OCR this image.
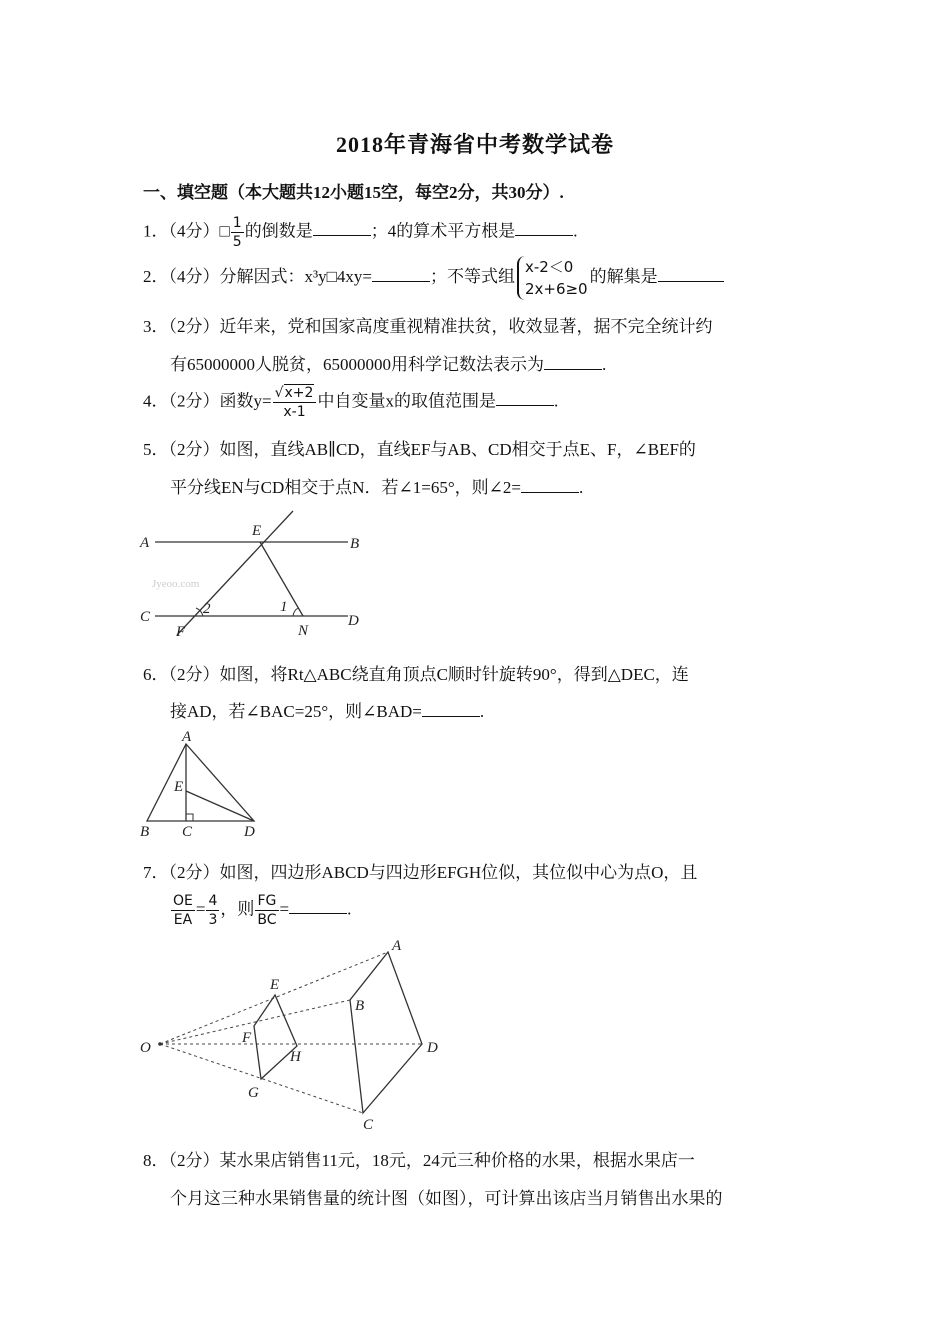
2018年青海省中考数学试卷
一、填空题（本大题共12小题15空，每空2分，共30分）.
1．（4分）□ $\frac{1}{5}$ 的倒数是	；4的算术平方根是	.
2．（4分）分解因式：x³y□4xy=	；不等式组 x-2＜0
2x+6≥0
的解集是
3．（2分）近年来，党和国家高度重视精准扶贫，收效显著，据不完全统计约
有65000000人脱贫，65000000用科学记数法表示为	.
4．（2分）函数$y= \frac{√x+2}{x-1}$ 中自变量x的取值范围是	.
5．（2分）如图，直线AB∥CD，直线EF与AB、CD相交于点E、F，∠BEF的
平分线EN与CD相交于点N．若∠1=65°，则∠2=	.
A	B
C	D
E
F	N
1
2
Jyeoo.com
6．（2分）如图，将Rt△ABC绕直角顶点C顺时针旋转90°，得到△DEC，连
接AD，若∠BAC=25°，则∠BAD=	.
A
B C	D
E
7．（2分）如图，四边形ABCD与四边形EFGH位似，其位似中心为点O，且
$\frac{OE}{EA} = \frac{4}{3}$ ，则 $\frac{FG}{BC}$ =	.
O
A
B
C
D
E
F
G
H
8．（2分）某水果店销售11元，18元，24元三种价格的水果，根据水果店一
个月这三种水果销售量的统计图（如图），可计算出该店当月销售出水果的
